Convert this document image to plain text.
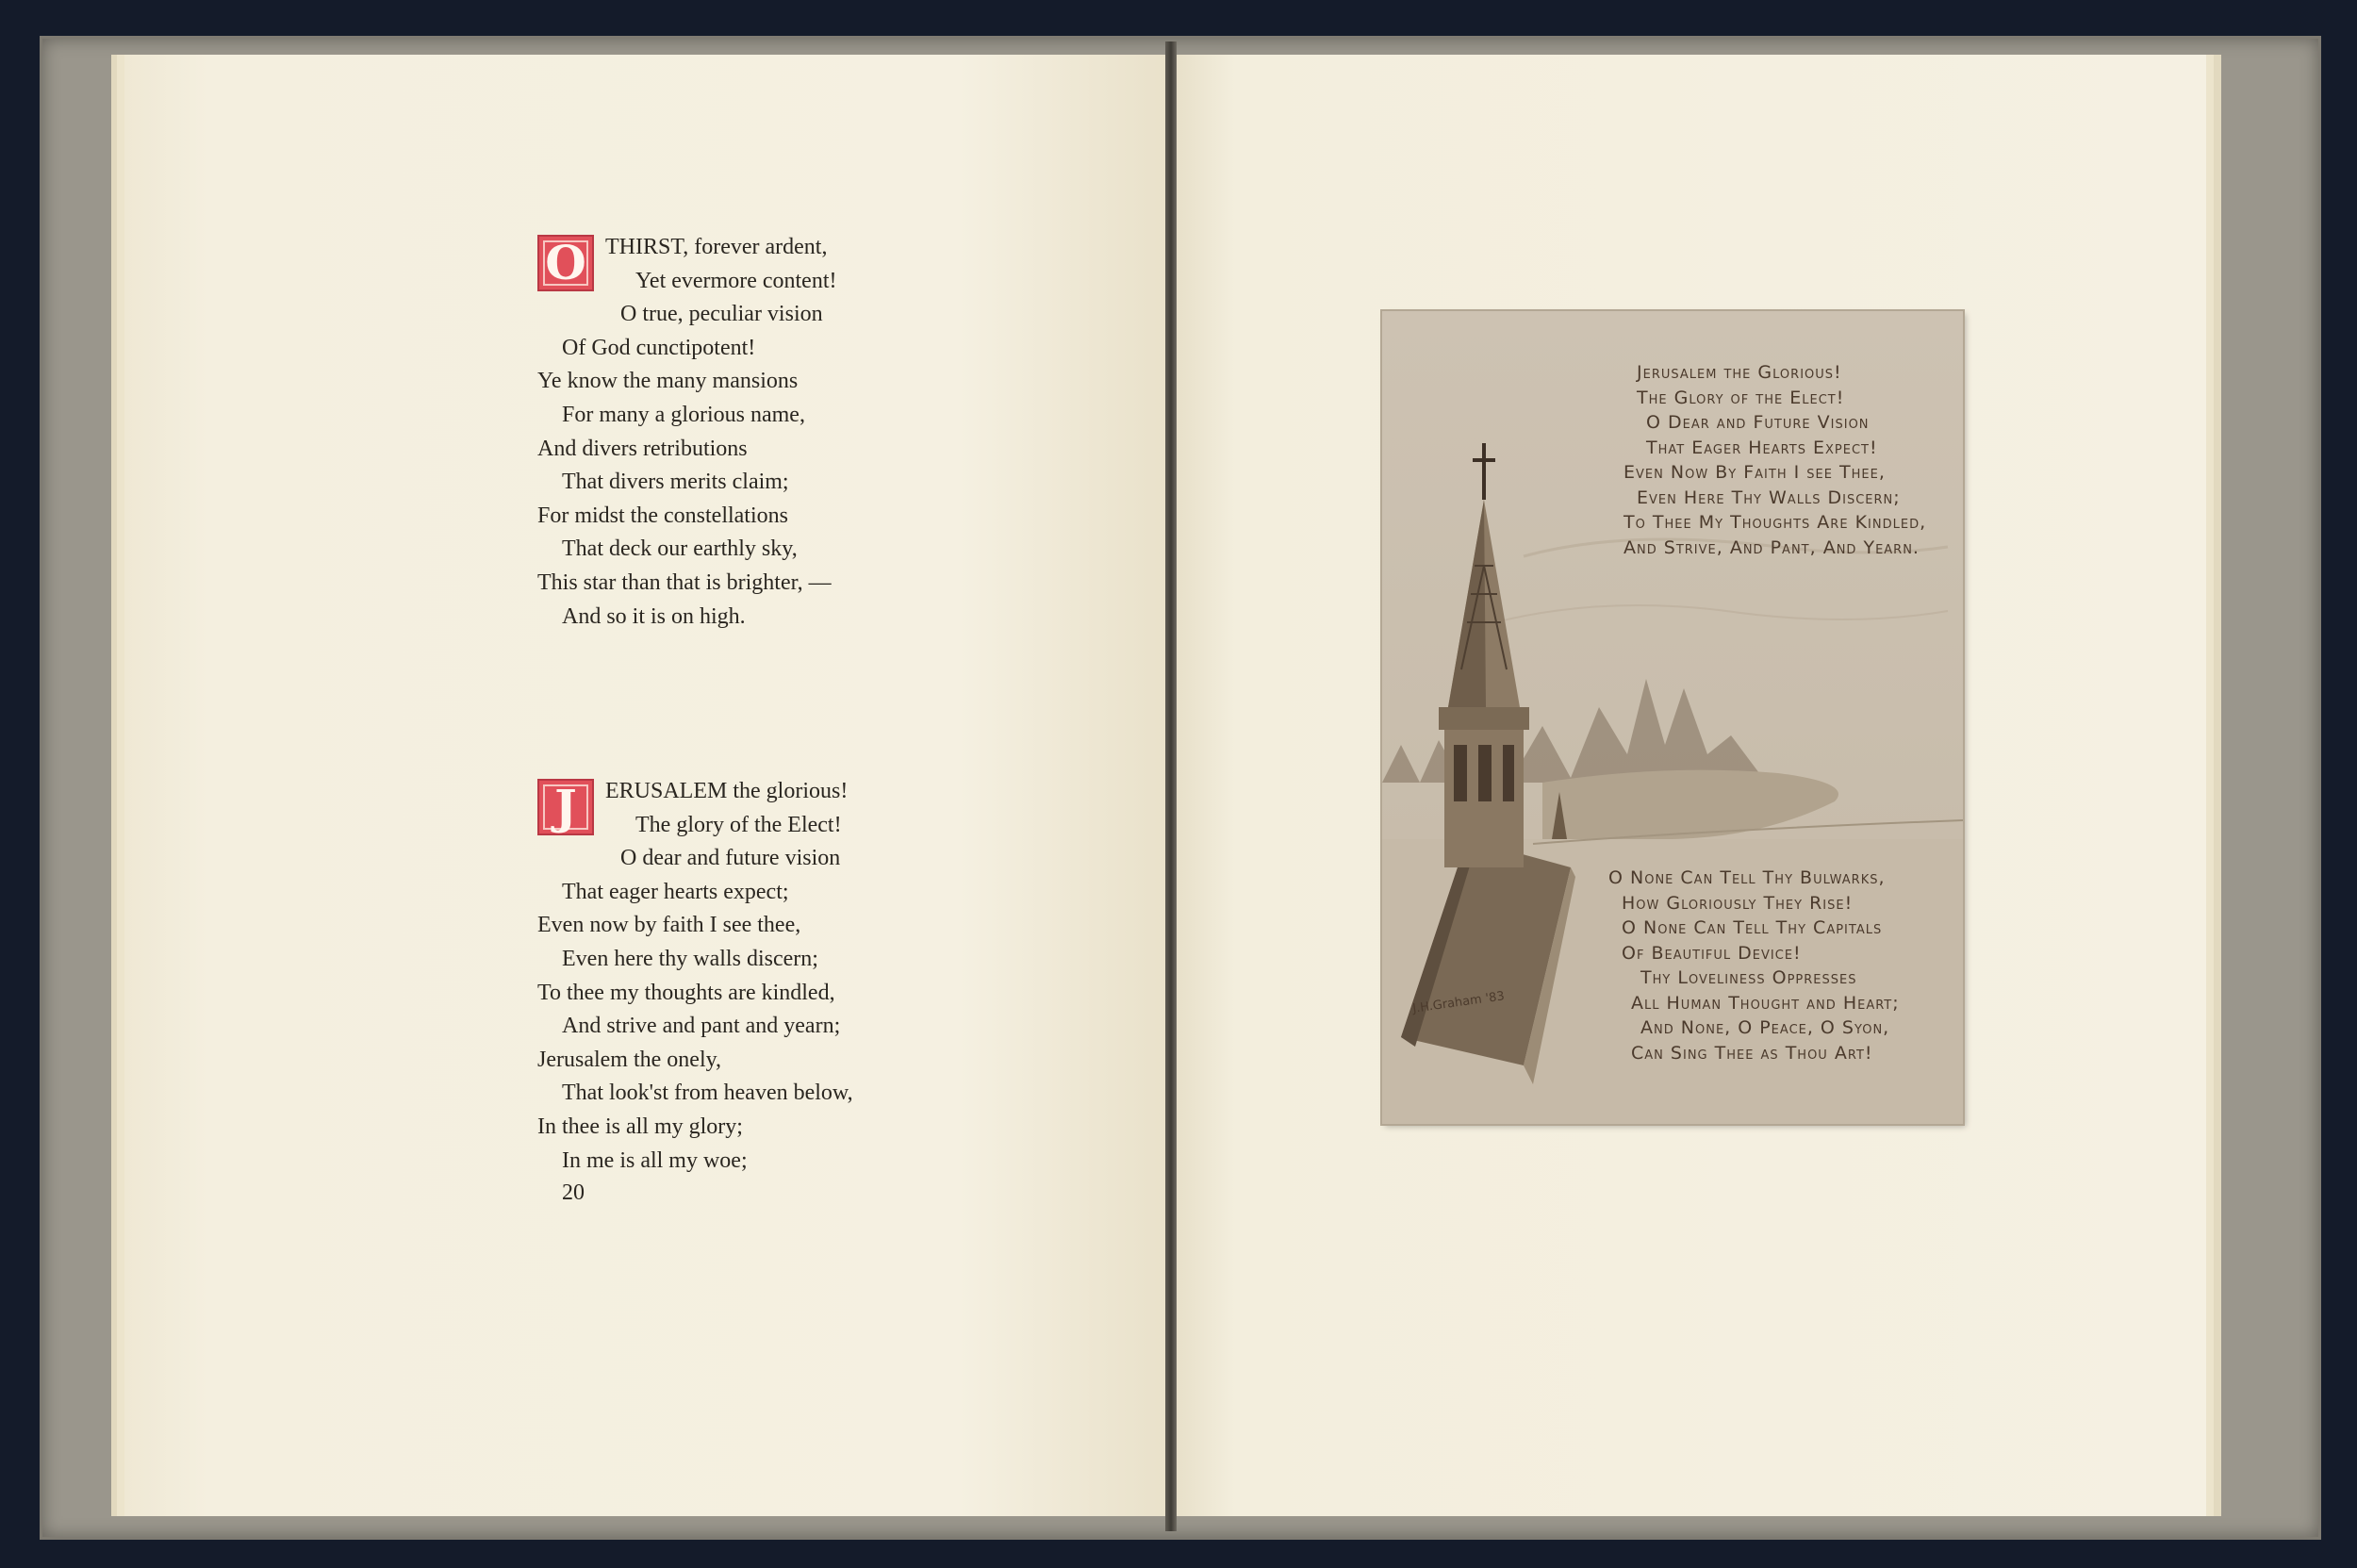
O THIRST, forever ardent,
Yet evermore content!
O true, peculiar vision
Of God cunctipotent!
Ye know the many mansions
For many a glorious name,
And divers retributions
That divers merits claim;
For midst the constellations
That deck our earthly sky,
This star than that is brighter, —
And so it is on high.
J	ERUSALEM the glorious!
The glory of the Elect!
O dear and future vision
That eager hearts expect;
Even now by faith I see thee,
Even here thy walls discern;
To thee my thoughts are kindled,
And strive and pant and yearn;
Jerusalem the onely,
That look'st from heaven below,
In thee is all my glory;
In me is all my woe;
20
Jerusalem the Glorious!
The Glory of the Elect!
O Dear and Future Vision
That Eager Hearts Expect!
Even Now By Faith I see Thee,
Even Here Thy Walls Discern;
To Thee My Thoughts Are Kindled,
And Strive, And Pant, And Yearn.
O None Can Tell Thy Bulwarks,
How Gloriously They Rise!
O None Can Tell Thy Capitals
Of Beautiful Device!
Thy Loveliness Oppresses
All Human Thought and Heart;
And None, O Peace, O Syon,
Can Sing Thee as Thou Art!
J.H.Graham '83
